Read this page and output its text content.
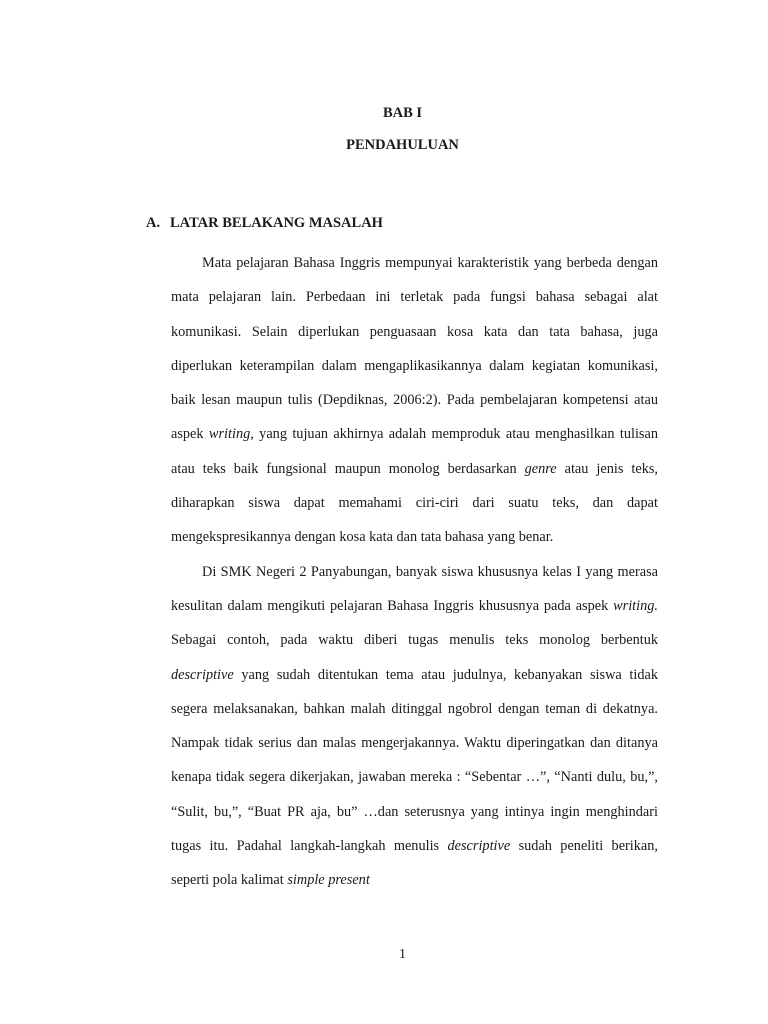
BAB I
PENDAHULUAN
A. LATAR BELAKANG MASALAH

Mata pelajaran Bahasa Inggris mempunyai karakteristik yang berbeda dengan mata pelajaran lain. Perbedaan ini terletak pada fungsi bahasa sebagai alat komunikasi. Selain diperlukan penguasaan kosa kata dan tata bahasa, juga diperlukan keterampilan dalam mengaplikasikannya dalam kegiatan komunikasi, baik lesan maupun tulis (Depdiknas, 2006:2). Pada pembelajaran kompetensi atau aspek writing, yang tujuan akhirnya adalah memproduk atau menghasilkan tulisan atau teks baik fungsional maupun monolog berdasarkan genre atau jenis teks, diharapkan siswa dapat memahami ciri-ciri dari suatu teks, dan dapat mengekspresikannya dengan kosa kata dan tata bahasa yang benar.

Di SMK Negeri 2 Panyabungan, banyak siswa khususnya kelas I yang merasa kesulitan dalam mengikuti pelajaran Bahasa Inggris khususnya pada aspek writing. Sebagai contoh, pada waktu diberi tugas menulis teks monolog berbentuk descriptive yang sudah ditentukan tema atau judulnya, kebanyakan siswa tidak segera melaksanakan, bahkan malah ditinggal ngobrol dengan teman di dekatnya. Nampak tidak serius dan malas mengerjakannya. Waktu diperingatkan dan ditanya kenapa tidak segera dikerjakan, jawaban mereka : “Sebentar …”, “Nanti dulu, bu,”, “Sulit, bu,”, “Buat PR aja, bu” …dan seterusnya yang intinya ingin menghindari tugas itu. Padahal langkah-langkah menulis descriptive sudah peneliti berikan, seperti pola kalimat simple present

1
